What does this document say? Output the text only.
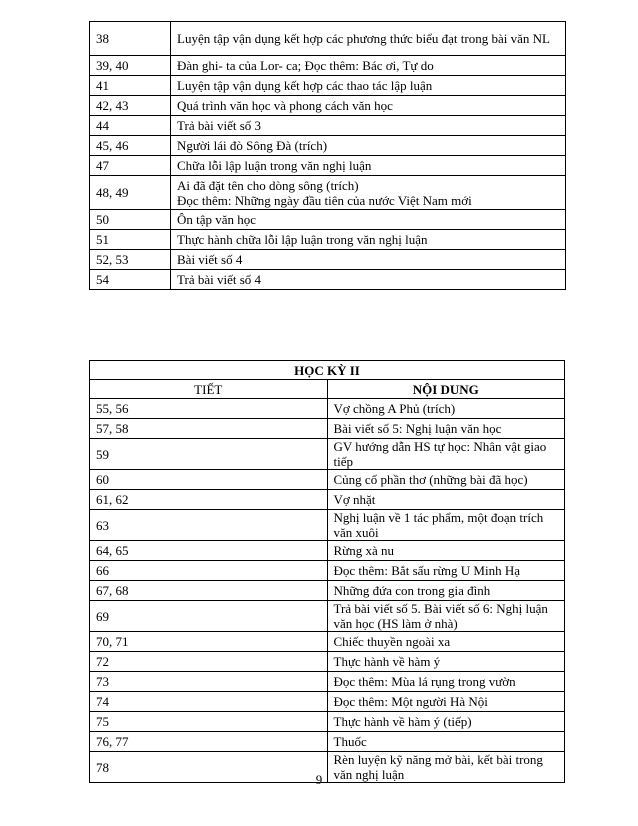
38	Luyện tập vận dụng kết hợp các phương thức biểu đạt trong bài văn NL
39, 40	Đàn ghi- ta của Lor- ca; Đọc thêm: Bác ơi, Tự do
41	Luyện tập vận dụng kết hợp các thao tác lập luận
42, 43	Quá trình văn học và phong cách văn học
44	Trả bài viết số 3
45, 46	Người lái đò Sông Đà (trích)
47	Chữa lỗi lập luận trong văn nghị luận
48, 49	Ai đã đặt tên cho dòng sông (trích)
Đọc thêm: Những ngày đầu tiên của nước Việt Nam mới

50	Ôn tập văn học
51	Thực hành chữa lỗi lập luận trong văn nghị luận
52, 53	Bài viết số 4
54	Trả bài viết số 4
HỌC KỲ II	
TIẾT	NỘI DUNG
55, 56	Vợ chồng A Phủ (trích)
57, 58	Bài viết số 5: Nghị luận văn học
59	GV hướng dẫn HS tự học: Nhân vật giao tiếp
60	Củng cố phần thơ (những bài đã học)
61, 62	Vợ nhặt
63	Nghị luận về 1 tác phẩm, một đoạn trích văn xuôi
64, 65	Rừng xà nu
66	Đọc thêm: Bắt sấu rừng U Minh Hạ
67, 68	Những đứa con trong gia đình
69	Trả bài viết số 5. Bài viết số 6: Nghị luận văn học (HS làm ở nhà)
70, 71	Chiếc thuyền ngoài xa
72	Thực hành về hàm ý
73	Đọc thêm: Mùa lá rụng trong vườn
74	Đọc thêm: Một người Hà Nội
75	Thực hành về hàm ý (tiếp)
76, 77	Thuốc
78	Rèn luyện kỹ năng mở bài, kết bài trong văn nghị luận
9
